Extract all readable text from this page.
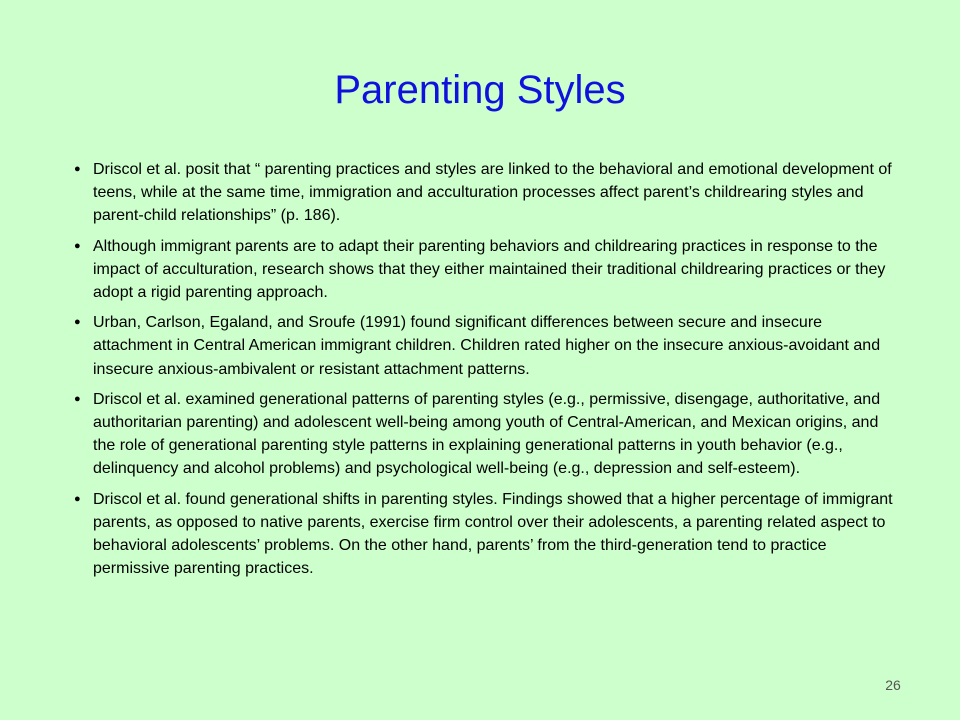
Parenting Styles
● Driscol et al. posit that “ parenting practices and styles are linked to the behavioral and emotional development of teens, while at the same time, immigration and acculturation processes affect parent’s childrearing styles and parent-child relationships” (p. 186).
● Although immigrant parents are to adapt their parenting behaviors and childrearing practices in response to the impact of acculturation, research shows that they either maintained their traditional childrearing practices or they adopt a rigid parenting approach.
● Urban, Carlson, Egaland, and Sroufe (1991) found significant differences between secure and insecure attachment in Central American immigrant children. Children rated higher on the insecure anxious-avoidant and insecure anxious-ambivalent or resistant attachment patterns.
● Driscol et al. examined generational patterns of parenting styles (e.g., permissive, disengage, authoritative, and authoritarian parenting) and adolescent well-being among youth of Central-American, and Mexican origins, and the role of generational parenting style patterns in explaining generational patterns in youth behavior (e.g., delinquency and alcohol problems) and psychological well-being (e.g., depression and self-esteem).
● Driscol et al. found generational shifts in parenting styles. Findings showed that a higher percentage of immigrant parents, as opposed to native parents, exercise firm control over their adolescents, a parenting related aspect to behavioral adolescents’ problems. On the other hand, parents’ from the third-generation tend to practice permissive parenting practices.
26
